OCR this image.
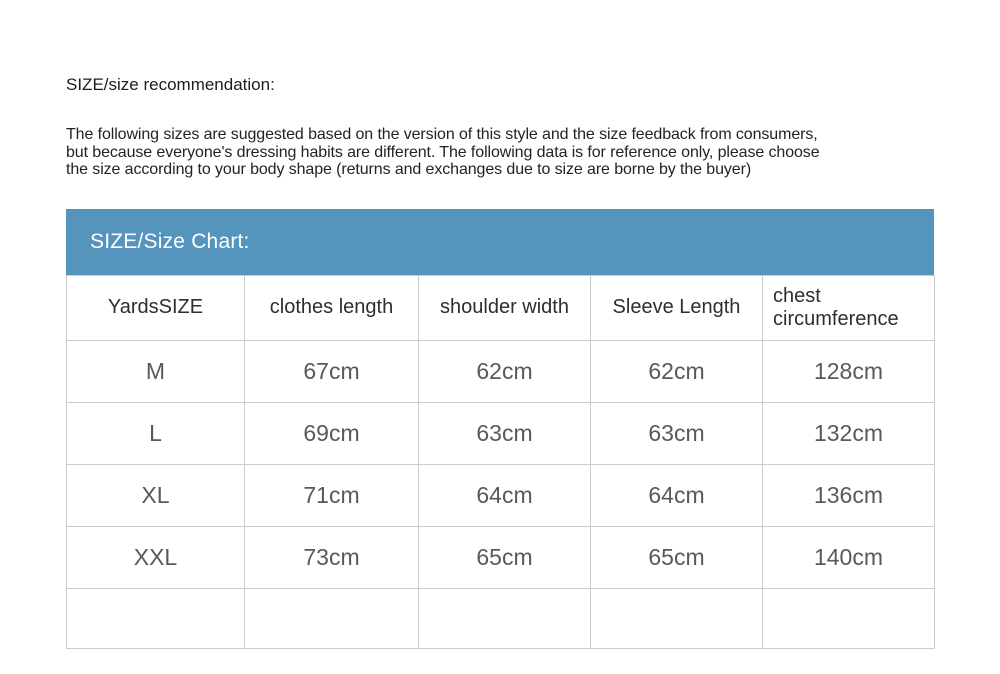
SIZE/size recommendation:
The following sizes are suggested based on the version of this style and the size feedback from consumers,
but because everyone's dressing habits are different. The following data is for reference only, please choose
the size according to your body shape (returns and exchanges due to size are borne by the buyer)
SIZE/Size Chart:
YardsSIZE	clothes length	shoulder width	Sleeve Length	chest circumference
M	67cm	62cm	62cm	128cm
L	69cm	63cm	63cm	132cm
XL	71cm	64cm	64cm	136cm
XXL	73cm	65cm	65cm	140cm
